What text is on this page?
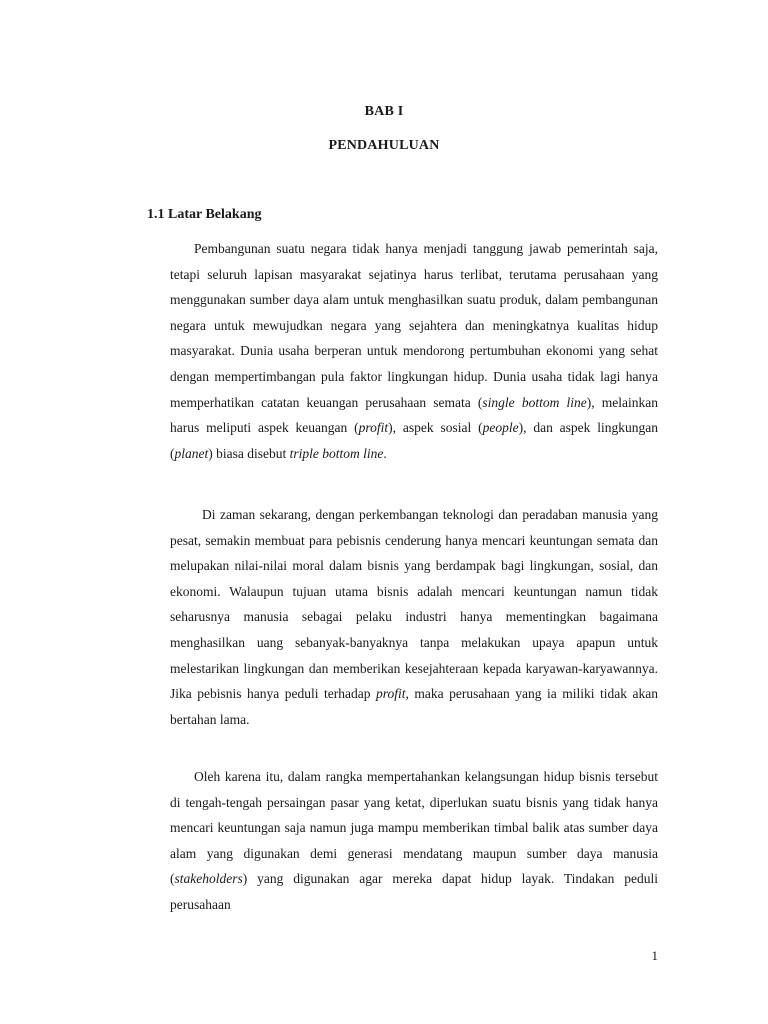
BAB I
PENDAHULUAN
1.1 Latar Belakang

Pembangunan suatu negara tidak hanya menjadi tanggung jawab pemerintah saja, tetapi seluruh lapisan masyarakat sejatinya harus terlibat, terutama perusahaan yang menggunakan sumber daya alam untuk menghasilkan suatu produk, dalam pembangunan negara untuk mewujudkan negara yang sejahtera dan meningkatnya kualitas hidup masyarakat. Dunia usaha berperan untuk mendorong pertumbuhan ekonomi yang sehat dengan mempertimbangan pula faktor lingkungan hidup. Dunia usaha tidak lagi hanya memperhatikan catatan keuangan perusahaan semata (single bottom line), melainkan harus meliputi aspek keuangan (profit), aspek sosial (people), dan aspek lingkungan (planet) biasa disebut triple bottom line.

Di zaman sekarang, dengan perkembangan teknologi dan peradaban manusia yang pesat, semakin membuat para pebisnis cenderung hanya mencari keuntungan semata dan melupakan nilai-nilai moral dalam bisnis yang berdampak bagi lingkungan, sosial, dan ekonomi. Walaupun tujuan utama bisnis adalah mencari keuntungan namun tidak seharusnya manusia sebagai pelaku industri hanya mementingkan bagaimana menghasilkan uang sebanyak-banyaknya tanpa melakukan upaya apapun untuk melestarikan lingkungan dan memberikan kesejahteraan kepada karyawan-karyawannya. Jika pebisnis hanya peduli terhadap profit, maka perusahaan yang ia miliki tidak akan bertahan lama.

Oleh karena itu, dalam rangka mempertahankan kelangsungan hidup bisnis tersebut di tengah-tengah persaingan pasar yang ketat, diperlukan suatu bisnis yang tidak hanya mencari keuntungan saja namun juga mampu memberikan timbal balik atas sumber daya alam yang digunakan demi generasi mendatang maupun sumber daya manusia (stakeholders) yang digunakan agar mereka dapat hidup layak. Tindakan peduli perusahaan

1
